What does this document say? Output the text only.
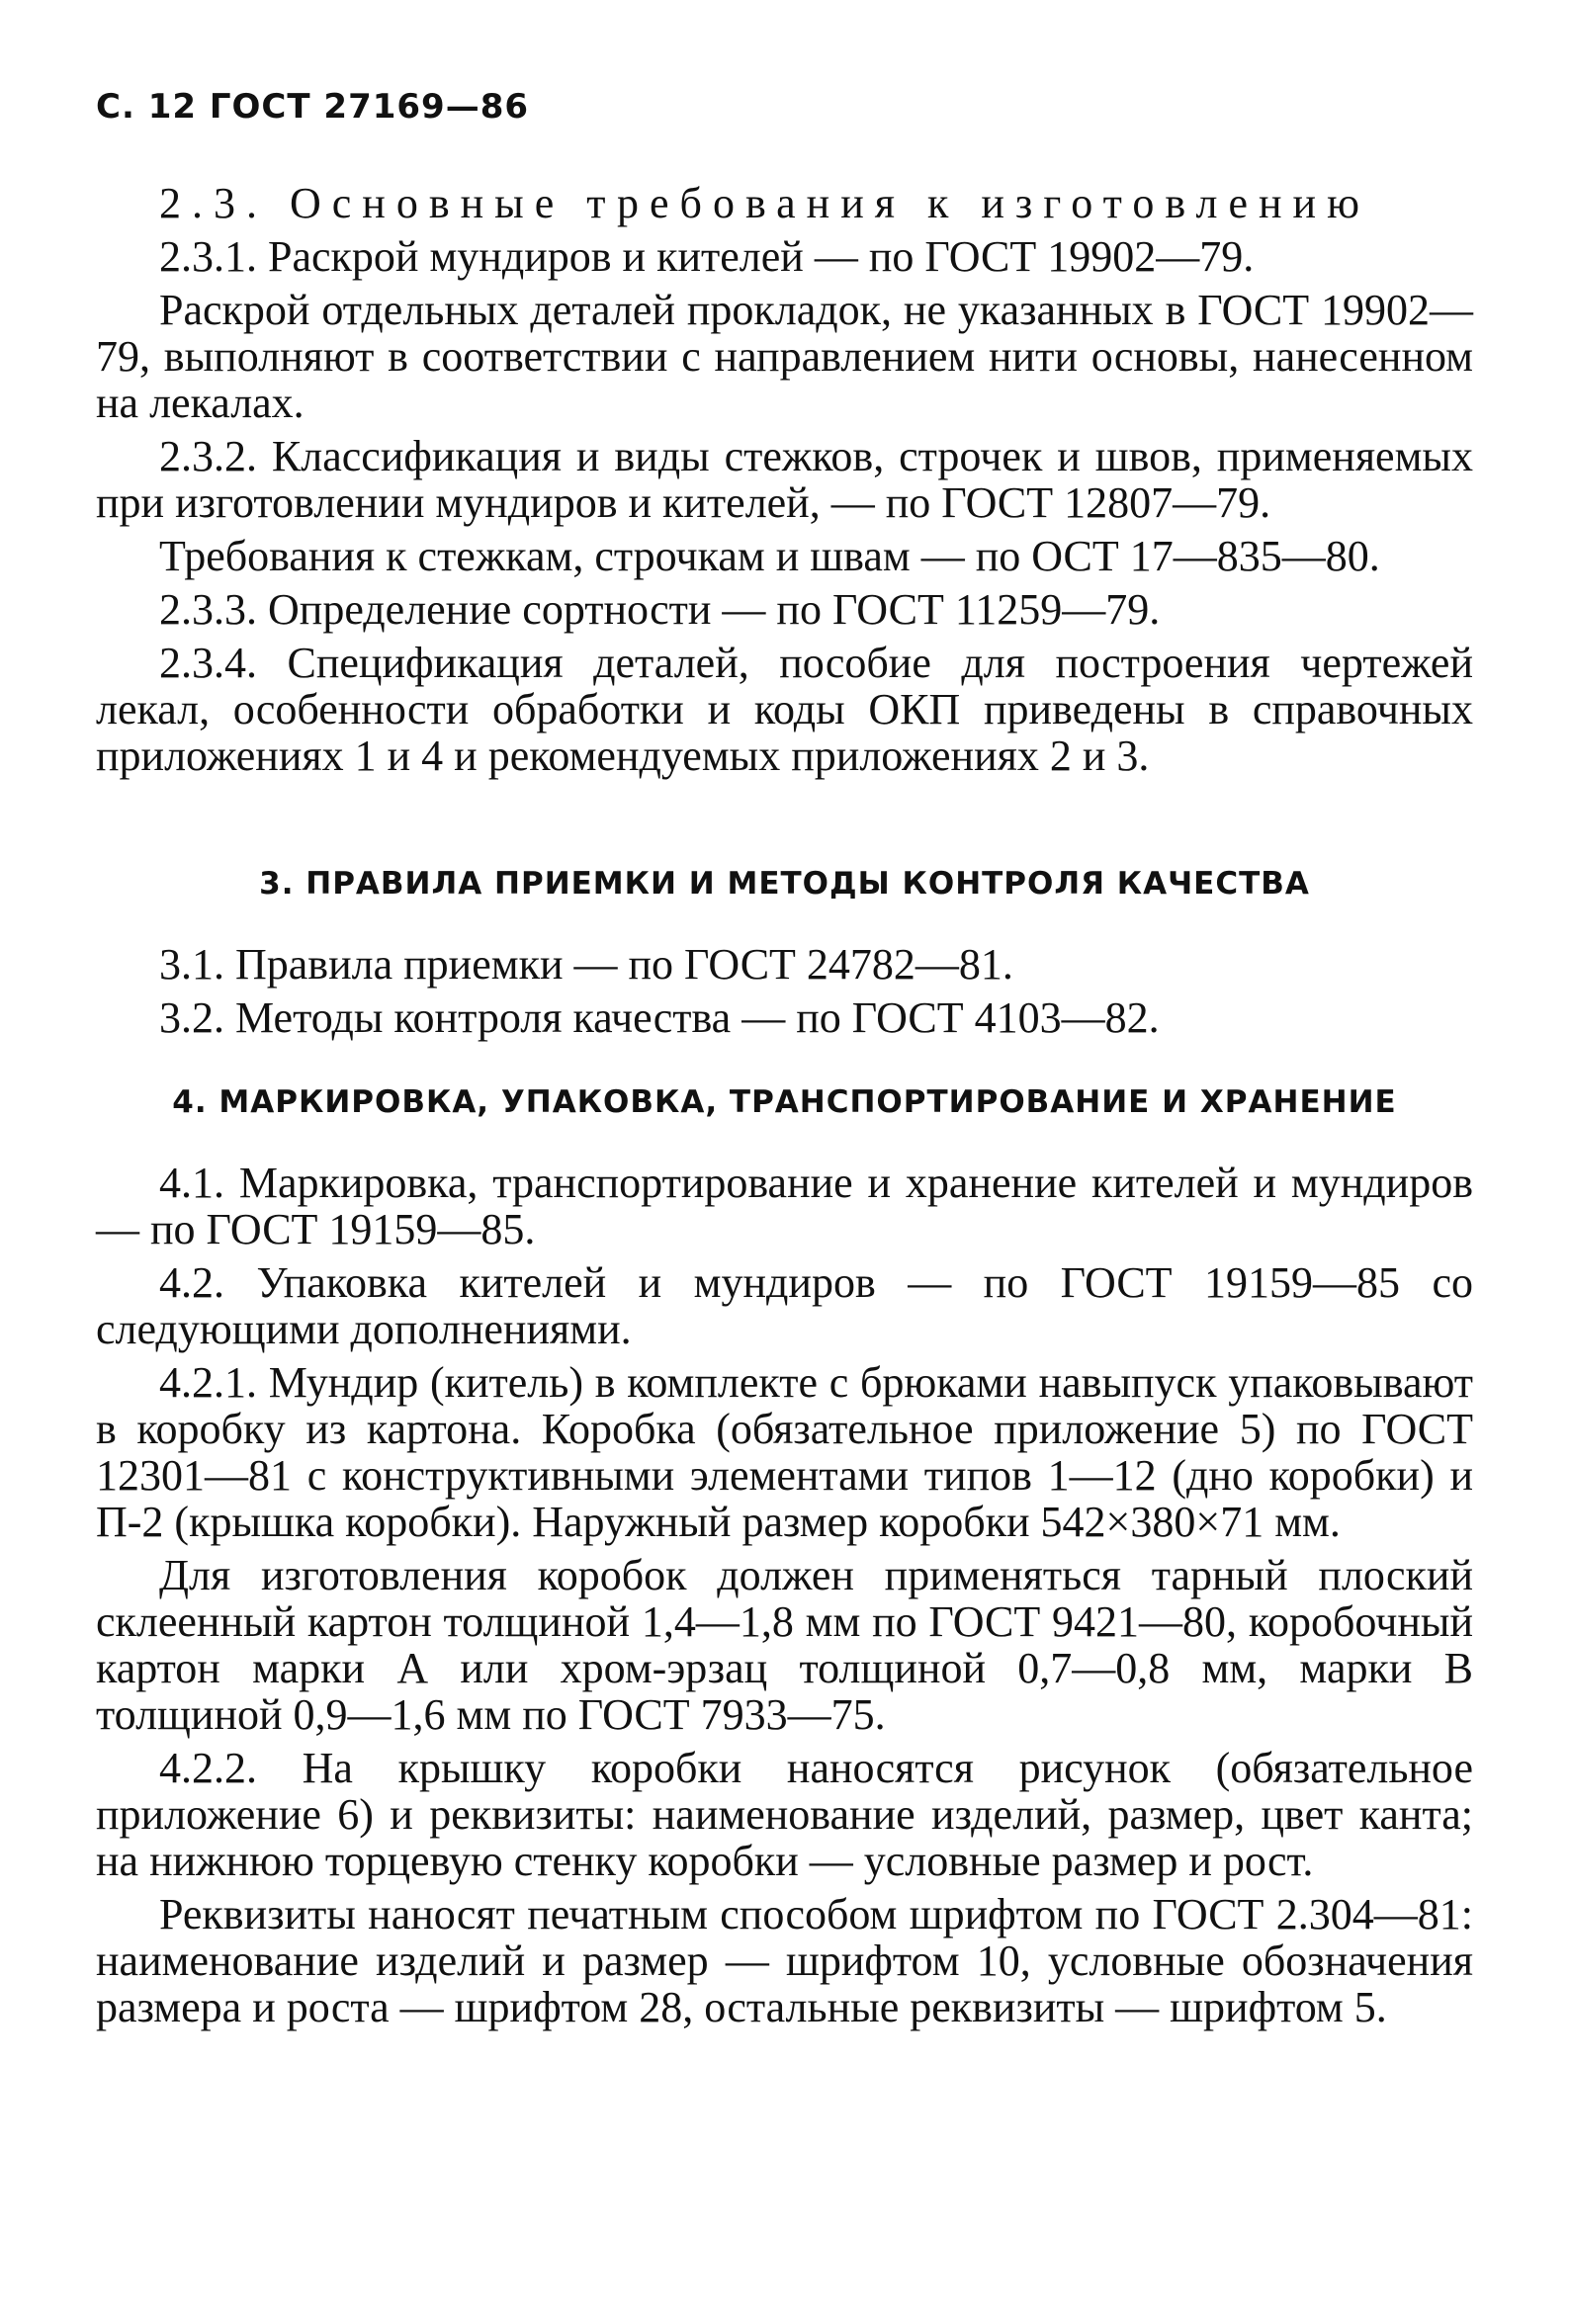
С. 12 ГОСТ 27169—86

2.3. Основные требования к изготовлению

2.3.1. Раскрой мундиров и кителей — по ГОСТ 19902—79.

Раскрой отдельных деталей прокладок, не указанных в ГОСТ 19902—79, выполняют в соответствии с направлением нити основы, нанесенном на лекалах.

2.3.2. Классификация и виды стежков, строчек и швов, применяемых при изготовлении мундиров и кителей, — по ГОСТ 12807—79.

Требования к стежкам, строчкам и швам — по ОСТ 17—835—80.

2.3.3. Определение сортности — по ГОСТ 11259—79.

2.3.4. Спецификация деталей, пособие для построения чертежей лекал, особенности обработки и коды ОКП приведены в справочных приложениях 1 и 4 и рекомендуемых приложениях 2 и 3.

3. ПРАВИЛА ПРИЕМКИ И МЕТОДЫ КОНТРОЛЯ КАЧЕСТВА

3.1. Правила приемки — по ГОСТ 24782—81.

3.2. Методы контроля качества — по ГОСТ 4103—82.

4. МАРКИРОВКА, УПАКОВКА, ТРАНСПОРТИРОВАНИЕ И ХРАНЕНИЕ

4.1. Маркировка, транспортирование и хранение кителей и мундиров — по ГОСТ 19159—85.

4.2. Упаковка кителей и мундиров — по ГОСТ 19159—85 со следующими дополнениями.

4.2.1. Мундир (китель) в комплекте с брюками навыпуск упаковывают в коробку из картона. Коробка (обязательное приложение 5) по ГОСТ 12301—81 с конструктивными элементами типов 1—12 (дно коробки) и П-2 (крышка коробки). Наружный размер коробки 542×380×71 мм.

Для изготовления коробок должен применяться тарный плоский склеенный картон толщиной 1,4—1,8 мм по ГОСТ 9421—80, коробочный картон марки А или хром-эрзац толщиной 0,7—0,8 мм, марки В толщиной 0,9—1,6 мм по ГОСТ 7933—75.

4.2.2. На крышку коробки наносятся рисунок (обязательное приложение 6) и реквизиты: наименование изделий, размер, цвет канта; на нижнюю торцевую стенку коробки — условные размер и рост.

Реквизиты наносят печатным способом шрифтом по ГОСТ 2.304—81: наименование изделий и размер — шрифтом 10, условные обозначения размера и роста — шрифтом 28, остальные реквизиты — шрифтом 5.
